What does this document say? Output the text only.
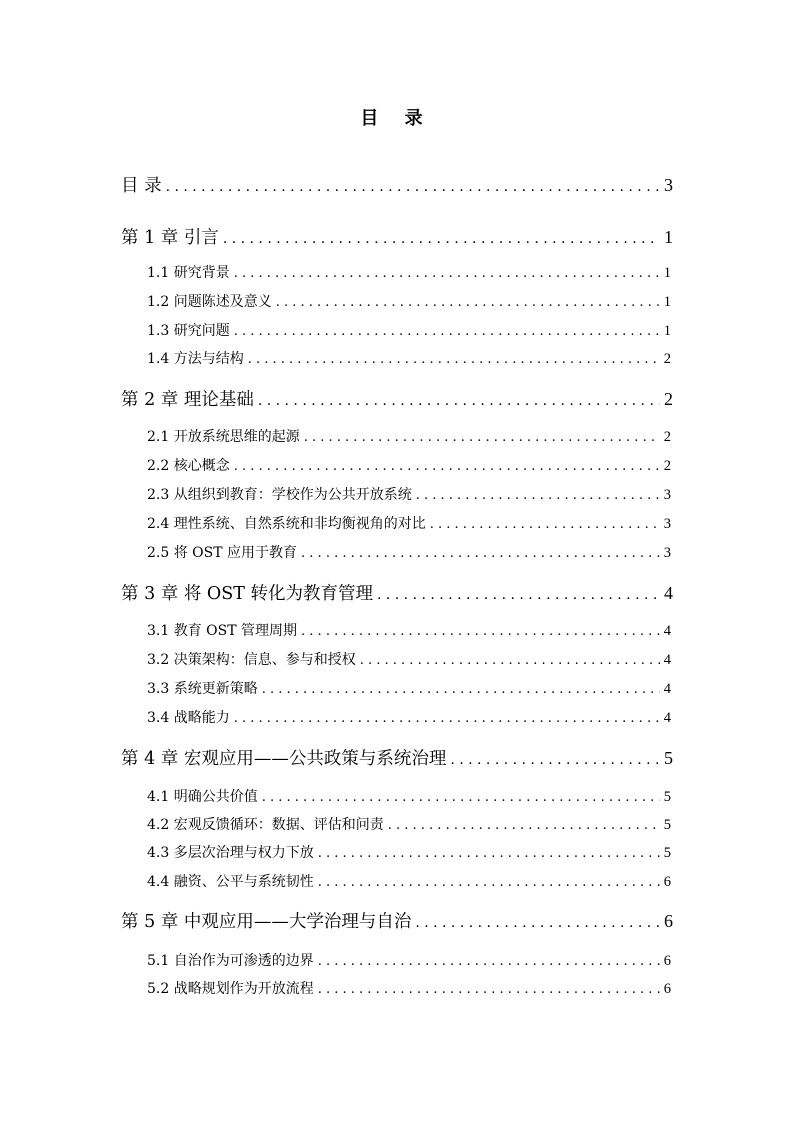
目 录
目 录 . . .	3
第 1 章 引言 . . .	1
1.1 研究背景 . . .	1
1.2 问题陈述及意义 . . .	1
1.3 研究问题 . . .	1
1.4 方法与结构 . . .	2
第 2 章 理论基础 . . .	2
2.1 开放系统思维的起源 . . .	2
2.2 核心概念 . . .	2
2.3 从组织到教育：学校作为公共开放系统 . . .	3
2.4 理性系统、自然系统和非均衡视角的对比 . . .	3
2.5 将 OST 应用于教育 . . .	3
第 3 章 将 OST 转化为教育管理 . . .	4
3.1 教育 OST 管理周期 . . .	4
3.2 决策架构：信息、参与和授权 . . .	4
3.3 系统更新策略 . . .	4
3.4 战略能力 . . .	4
第 4 章 宏观应用——公共政策与系统治理 . . .	5
4.1 明确公共价值 . . .	5
4.2 宏观反馈循环：数据、评估和问责 . . .	5
4.3 多层次治理与权力下放 . . .	5
4.4 融资、公平与系统韧性 . . .	6
第 5 章 中观应用——大学治理与自治 . . .	6
5.1 自治作为可渗透的边界 . . .	6
5.2 战略规划作为开放流程 . . .	6
